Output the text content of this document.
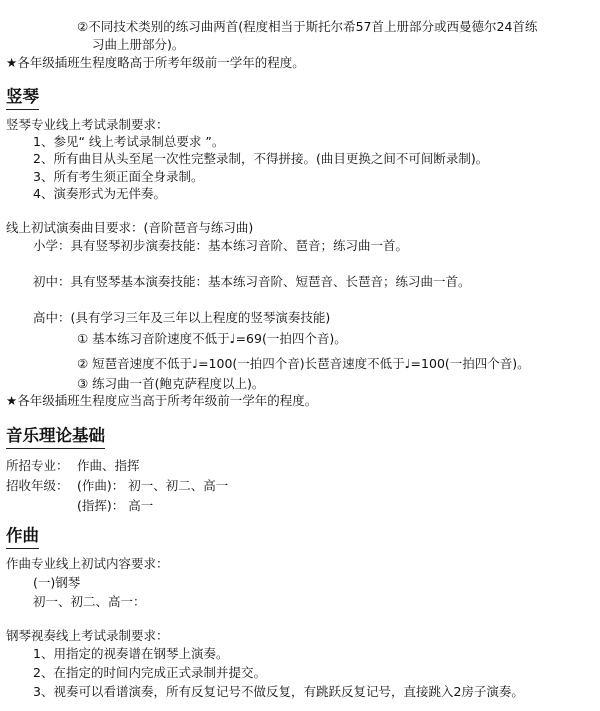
②不同技术类别的练习曲两首(程度相当于斯托尔希57首上册部分或西曼德尔24首练
习曲上册部分)。
★各年级插班生程度略高于所考年级前一学年的程度。
竖琴
竖琴专业线上考试录制要求：
1、参见“ 线上考试录制总要求 ”。
2、所有曲目从头至尾一次性完整录制，不得拼接。(曲目更换之间不可间断录制)。
3、所有考生须正面全身录制。
4、演奏形式为无伴奏。
线上初试演奏曲目要求：(音阶琶音与练习曲)
小学：具有竖琴初步演奏技能：基本练习音阶、琶音；练习曲一首。
初中：具有竖琴基本演奏技能：基本练习音阶、短琶音、长琶音；练习曲一首。
高中：(具有学习三年及三年以上程度的竖琴演奏技能)
① 基本练习音阶速度不低于♩=69(一拍四个音)。
② 短琶音速度不低于♩=100(一拍四个音)长琶音速度不低于♩=100(一拍四个音)。
③ 练习曲一首(鲍克萨程度以上)。
★各年级插班生程度应当高于所考年级前一学年的程度。
音乐理论基础
所招专业： 作曲、指挥
招收年级： (作曲)： 初一、初二、高一
(指挥)： 高一
作曲
作曲专业线上初试内容要求：
(一)钢琴
初一、初二、高一：
钢琴视奏线上考试录制要求：
1、用指定的视奏谱在钢琴上演奏。
2、在指定的时间内完成正式录制并提交。
3、视奏可以看谱演奏，所有反复记号不做反复，有跳跃反复记号，直接跳入2房子演奏。
